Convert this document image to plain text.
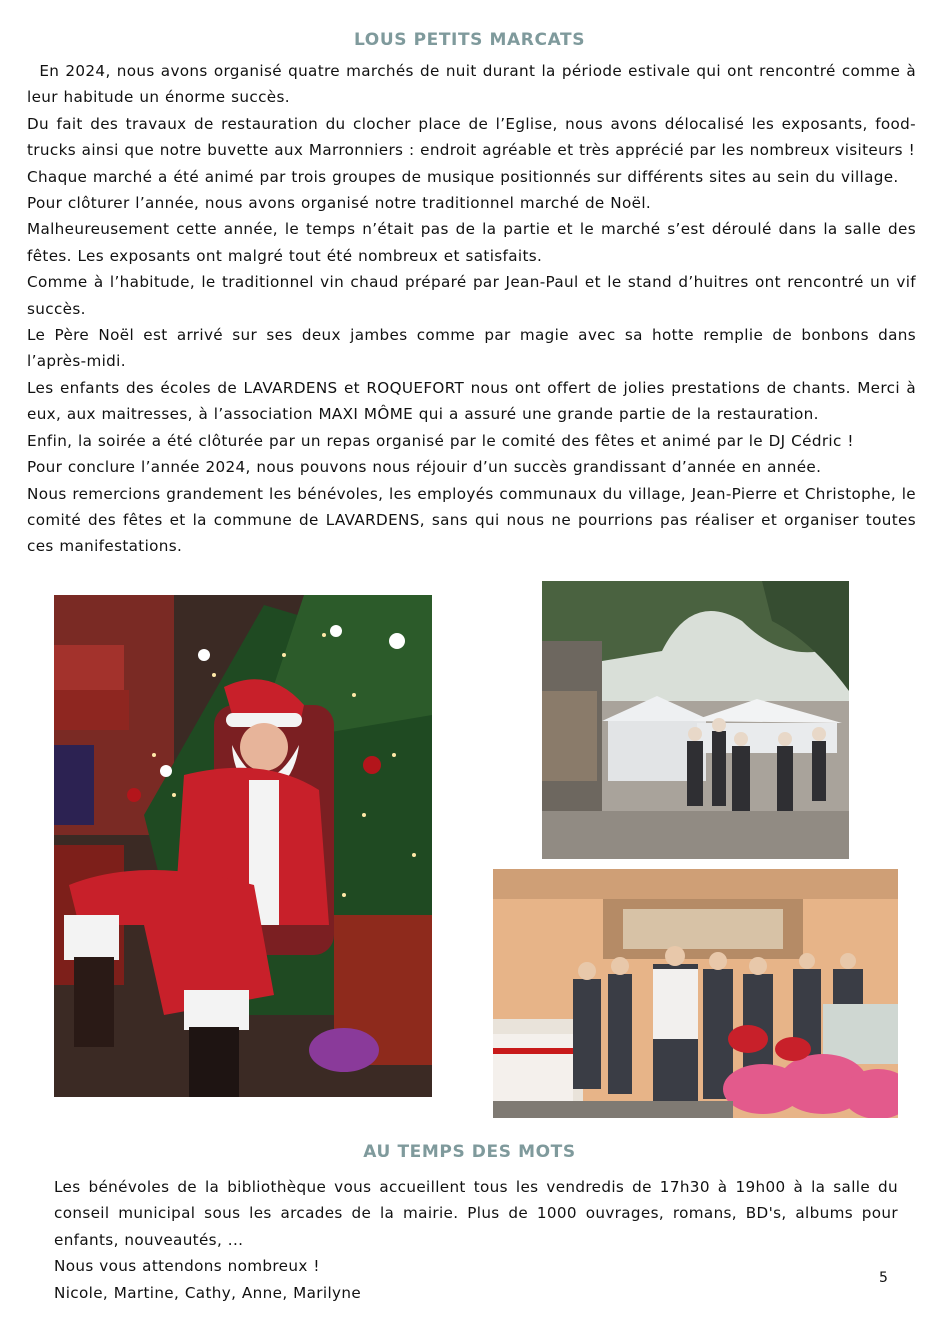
LOUS PETITS MARCATS

En 2024, nous avons organisé quatre marchés de nuit durant la période estivale qui ont rencontré comme à leur habitude un énorme succès.

Du fait des travaux de restauration du clocher place de l’Eglise, nous avons délocalisé les exposants, food-trucks ainsi que notre buvette aux Marronniers : endroit agréable et très apprécié par les nombreux visiteurs !

Chaque marché a été animé par trois groupes de musique positionnés sur différents sites au sein du village.

Pour clôturer l’année, nous avons organisé notre traditionnel marché de Noël.

Malheureusement cette année, le temps n’était pas de la partie et le marché s’est déroulé dans la salle des fêtes. Les exposants ont malgré tout été nombreux et satisfaits.

Comme à l’habitude, le traditionnel vin chaud préparé par Jean-Paul et le stand d’huitres ont rencontré un vif succès.

Le Père Noël est arrivé sur ses deux jambes comme par magie avec sa hotte remplie de bonbons dans l’après-midi.

Les enfants des écoles de LAVARDENS et ROQUEFORT nous ont offert de jolies prestations de chants. Merci à eux, aux maitresses, à l’association MAXI MÔME qui a assuré une grande partie de la restauration.

Enfin, la soirée a été clôturée par un repas organisé par le comité des fêtes et animé par le DJ Cédric !

Pour conclure l’année 2024, nous pouvons nous réjouir d’un succès grandissant d’année en année.

Nous remercions grandement les bénévoles, les employés communaux du village, Jean-Pierre et Christophe, le comité des fêtes et la commune de LAVARDENS, sans qui nous ne pourrions pas réaliser et organiser toutes ces manifestations.

AU TEMPS DES MOTS

Les bénévoles de la bibliothèque vous accueillent tous les vendredis de 17h30 à 19h00 à la salle du conseil municipal sous les arcades de la mairie. Plus de 1000 ouvrages, romans, BD's, albums pour enfants, nouveautés, ...

Nous vous attendons nombreux !

Nicole, Martine, Cathy, Anne, Marilyne

5
